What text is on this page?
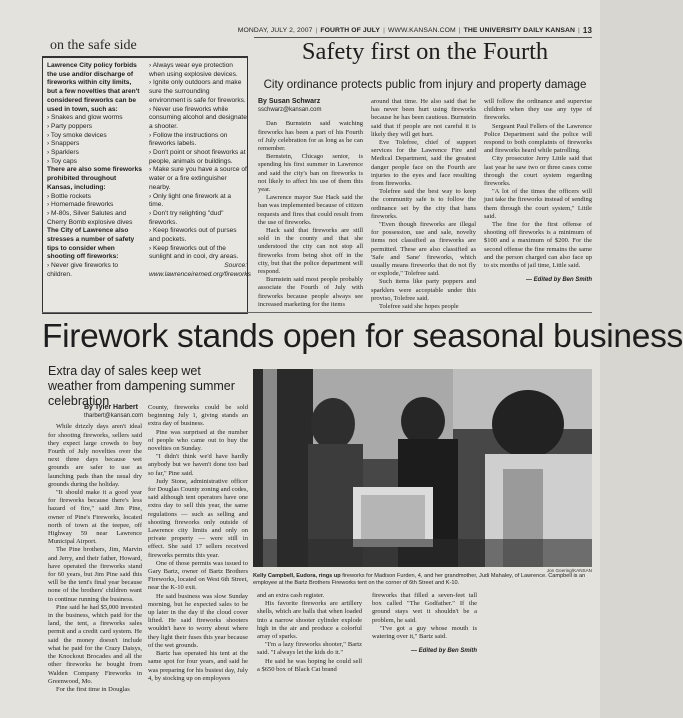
MONDAY, JULY 2, 2007 | FOURTH OF JULY | WWW.KANSAN.COM | THE UNIVERSITY DAILY KANSAN | 13
on the safe side

Lawrence City policy forbids the use and/or discharge of fireworks within city limits, but a few novelties that aren't considered fireworks can be used in town, such as:

› Snakes and glow worms

› Party poppers

› Toy smoke devices

› Snappers

› Sparklers

› Toy caps

There are also some fireworks prohibited throughout Kansas, including:

› Bottle rockets

› Homemade fireworks

› M-80s, Silver Salutes and Cherry Bomb explosive dives

The City of Lawrence also stresses a number of safety tips to consider when shooting off fireworks:

› Never give fireworks to children.

› Always wear eye protection when using explosive devices.

› Ignite only outdoors and make sure the surrounding environment is safe for fireworks.

› Never use fireworks while consuming alcohol and designate a shooter.

› Follow the instructions on fireworks labels.

› Don't point or shoot fireworks at people, animals or buildings.

› Make sure you have a source of water or a fire extinguisher nearby.

› Only light one firework at a time.

› Don't try relighting "dud" fireworks.

› Keep fireworks out of purses and pockets.

› Keep fireworks out of the sunlight and in cool, dry areas.

Source: www.lawrenceiremed.org/fireworks

Safety first on the Fourth
City ordinance protects public from injury and property damage

By Susan Schwarz

sschwarz@kansan.com

Dan Burnstein said watching fireworks has been a part of his Fourth of July celebration for as long as he can remember.

Bernstein, Chicago senior, is spending his first summer in Lawrence and said the city's ban on fireworks is not likely to affect his use of them this year.

Lawrence mayor Sue Hack said the ban was implemented because of citizen requests and fires that could result from the use of fireworks.

Hack said that fireworks are still sold in the county and that she understood the city can not stop all fireworks from being shot off in the city, but that the police department will respond.

Burnstein said most people probably associate the Fourth of July with fireworks because people always see increased marketing for the items

around that time. He also said that he has never been hurt using fireworks because he has been cautious. Burnstein said that if people are not careful it is likely they will get hurt.

Eve Tolefree, chief of support services for the Lawrence Fire and Medical Department, said the greatest danger people face on the Fourth are injuries to the eyes and face resulting from fireworks.

Tolefree said the best way to keep the community safe is to follow the ordinance set by the city that bans fireworks.

"Even though fireworks are illegal for possession, use and sale, novelty items not classified as fireworks are permitted. These are also classified as 'Safe and Sane' fireworks, which usually means fireworks that do not fly or explode," Tolefree said.

Such items like party poppers and sparklers were acceptable under this proviso, Tolefree said.

Tolefree said she hopes people

will follow the ordinance and supervise children when they use any type of fireworks.

Sergeant Paul Fellers of the Lawrence Police Department said the police will respond to both complaints of fireworks and fireworks heard while patrolling.

City prosecutor Jerry Little said that last year he saw two or three cases come through the court system regarding fireworks.

"A lot of the times the officers will just take the fireworks instead of sending them through the court system," Little said.

The fine for the first offense of shooting off fireworks is a minimum of $100 and a maximum of $200. For the second offense the fine remains the same and the person charged can also face up to six months of jail time, Little said.

— Edited by Ben Smith

Firework stands open for seasonal business
Extra day of sales keep wet weather from dampening summer celebration

By Tyler Harbert

tharbert@kansan.com

While drizzly days aren't ideal for shooting fireworks, sellers said they expect large crowds to buy Fourth of July novelties over the next three days because wet grounds are safer to use as launching pads than the usual dry grounds during the holiday.

"It should make it a good year for fireworks because there's less hazard of fire," said Jim Pine, owner of Pine's Fireworks, located north of town at the teepee, off Highway 59 near Lawrence Municipal Airport.

The Pine brothers, Jim, Marvin and Jerry, and their father, Howard, have operated the fireworks stand for 60 years, but Jim Pine said this will be the tent's final year because none of the brothers' children want to continue running the business.

Pine said he had $5,000 invested in the business, which paid for the land, the tent, a fireworks sales permit and a credit card system. He said the money doesn't include what he paid for the Crazy Daisys, the Knockout Brocades and all the other fireworks he bought from Walden Company Fireworks in Greenwood, Mo.

For the first time in Douglas

County, fireworks could be sold beginning July 1, giving stands an extra day of business.

Pine was surprised at the number of people who came out to buy the novelties on Sunday.

"I didn't think we'd have hardly anybody but we haven't done too bad so far," Pine said.

Judy Stone, administrative officer for Douglas County zoning and codes, said although tent operators have one extra day to sell this year, the same regulations — such as selling and shooting fireworks only outside of Lawrence city limits and only on private property — were still in effect. She said 17 sellers received fireworks permits this year.

One of those permits was issued to Gary Bartz, owner of Bartz Brothers Fireworks, located on West 6th Street, near the K-10 exit.

He said business was slow Sunday morning, but he expected sales to be up later in the day if the cloud cover lifted. He said fireworks shooters wouldn't have to worry about where they light their fuses this year because of the wet grounds.

Bartz has operated his tent at the same spot for four years, and said he was preparing for his busiest day, July 4, by stocking up on employees

Jon Goering/KANSAN
Kelly Campbell, Eudora, rings up fireworks for Madison Furden, 4, and her grandmother, Judi Mahaley, of Lawrence. Campbell is an employee at the Bartz Brothers Fireworks tent on the corner of 6th Street and K-10.

and an extra cash register.

His favorite fireworks are artillery shells, which are balls that when loaded into a narrow shooter cylinder explode high in the air and produce a colorful array of sparks.

"I'm a lazy fireworks shooter," Bartz said. "I always let the kids do it."

He said he was hoping he could sell a $650 box of Black Cat brand

fireworks that filled a seven-feet tall box called "The Godfather." If the ground stays wet it shouldn't be a problem, he said.

"I've got a guy whose mouth is watering over it," Bartz said.

— Edited by Ben Smith
